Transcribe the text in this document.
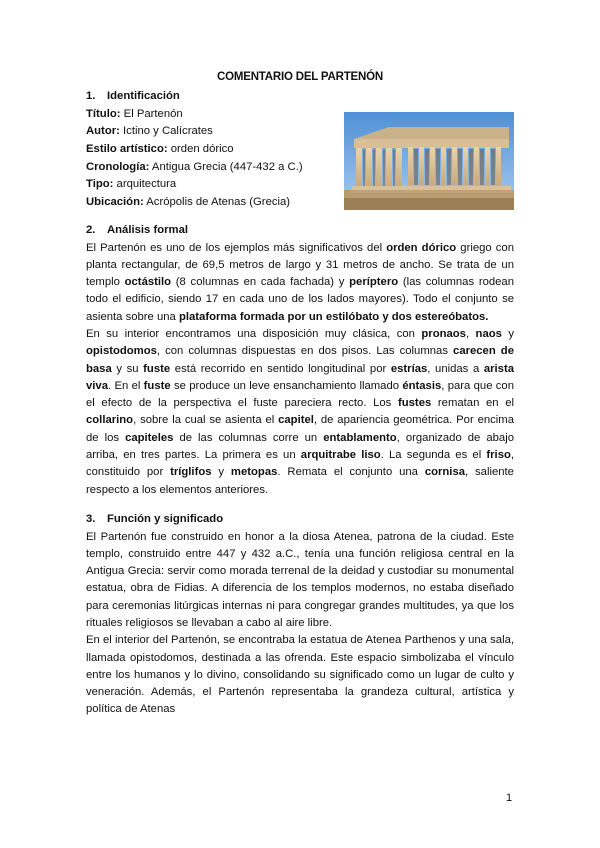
COMENTARIO DEL PARTENÓN
1. Identificación
Título: El Partenón
Autor: Ictino y Calícrates
Estilo artístico: orden dórico
Cronología: Antigua Grecia (447-432 a C.)
Tipo: arquitectura
Ubicación: Acrópolis de Atenas (Grecia)
2. Análisis formal

El Partenón es uno de los ejemplos más significativos del orden dórico griego con planta rectangular, de 69,5 metros de largo y 31 metros de ancho. Se trata de un templo octástilo (8 columnas en cada fachada) y períptero (las columnas rodean todo el edificio, siendo 17 en cada uno de los lados mayores). Todo el conjunto se asienta sobre una plataforma formada por un estilóbato y dos estereóbatos.

En su interior encontramos una disposición muy clásica, con pronaos, naos y opistodomos, con columnas dispuestas en dos pisos. Las columnas carecen de basa y su fuste está recorrido en sentido longitudinal por estrías, unidas a arista viva. En el fuste se produce un leve ensanchamiento llamado éntasis, para que con el efecto de la perspectiva el fuste pareciera recto. Los fustes rematan en el collarino, sobre la cual se asienta el capitel, de apariencia geométrica. Por encima de los capiteles de las columnas corre un entablamento, organizado de abajo arriba, en tres partes. La primera es un arquitrabe liso. La segunda es el friso, constituido por tríglifos y metopas. Remata el conjunto una cornisa, saliente respecto a los elementos anteriores.

3. Función y significado

El Partenón fue construido en honor a la diosa Atenea, patrona de la ciudad. Este templo, construido entre 447 y 432 a.C., tenía una función religiosa central en la Antigua Grecia: servir como morada terrenal de la deidad y custodiar su monumental estatua, obra de Fidias. A diferencia de los templos modernos, no estaba diseñado para ceremonias litúrgicas internas ni para congregar grandes multitudes, ya que los rituales religiosos se llevaban a cabo al aire libre.

En el interior del Partenón, se encontraba la estatua de Atenea Parthenos y una sala, llamada opistodomos, destinada a las ofrenda. Este espacio simbolizaba el vínculo entre los humanos y lo divino, consolidando su significado como un lugar de culto y veneración. Además, el Partenón representaba la grandeza cultural, artística y política de Atenas

1
